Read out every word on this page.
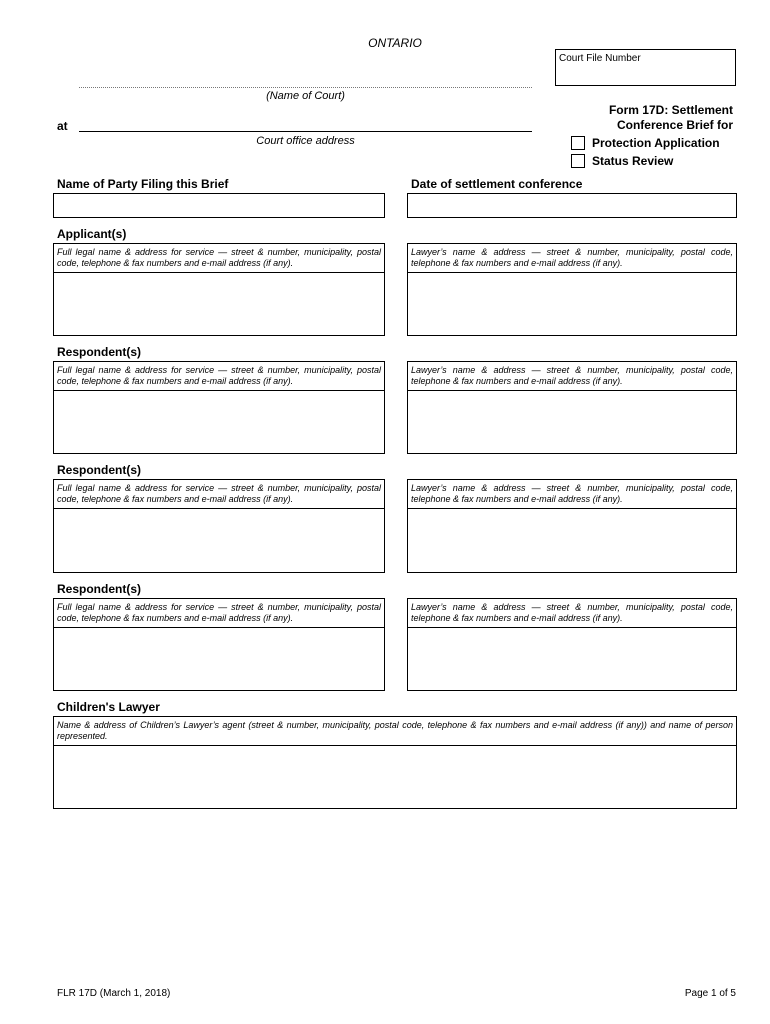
ONTARIO
Court File Number
(Name of Court)
at
Court office address
Form 17D: Settlement Conference Brief for
Protection Application
Status Review
Name of Party Filing this Brief	Date of settlement conference
Applicant(s)
Full legal name & address for service — street & number, municipality, postal code, telephone & fax numbers and e-mail address (if any).
Lawyer’s name & address — street & number, municipality, postal code, telephone & fax numbers and e-mail address (if any).
Respondent(s)
Full legal name & address for service — street & number, municipality, postal code, telephone & fax numbers and e-mail address (if any).
Lawyer’s name & address — street & number, municipality, postal code, telephone & fax numbers and e-mail address (if any).
Respondent(s)
Full legal name & address for service — street & number, municipality, postal code, telephone & fax numbers and e-mail address (if any).
Lawyer’s name & address — street & number, municipality, postal code, telephone & fax numbers and e-mail address (if any).
Respondent(s)
Full legal name & address for service — street & number, municipality, postal code, telephone & fax numbers and e-mail address (if any).
Lawyer’s name & address — street & number, municipality, postal code, telephone & fax numbers and e-mail address (if any).
Children's Lawyer
Name & address of Children’s Lawyer’s agent (street & number, municipality, postal code, telephone & fax numbers and e-mail address (if any)) and name of person represented.
FLR 17D (March 1, 2018)	Page 1 of 5
